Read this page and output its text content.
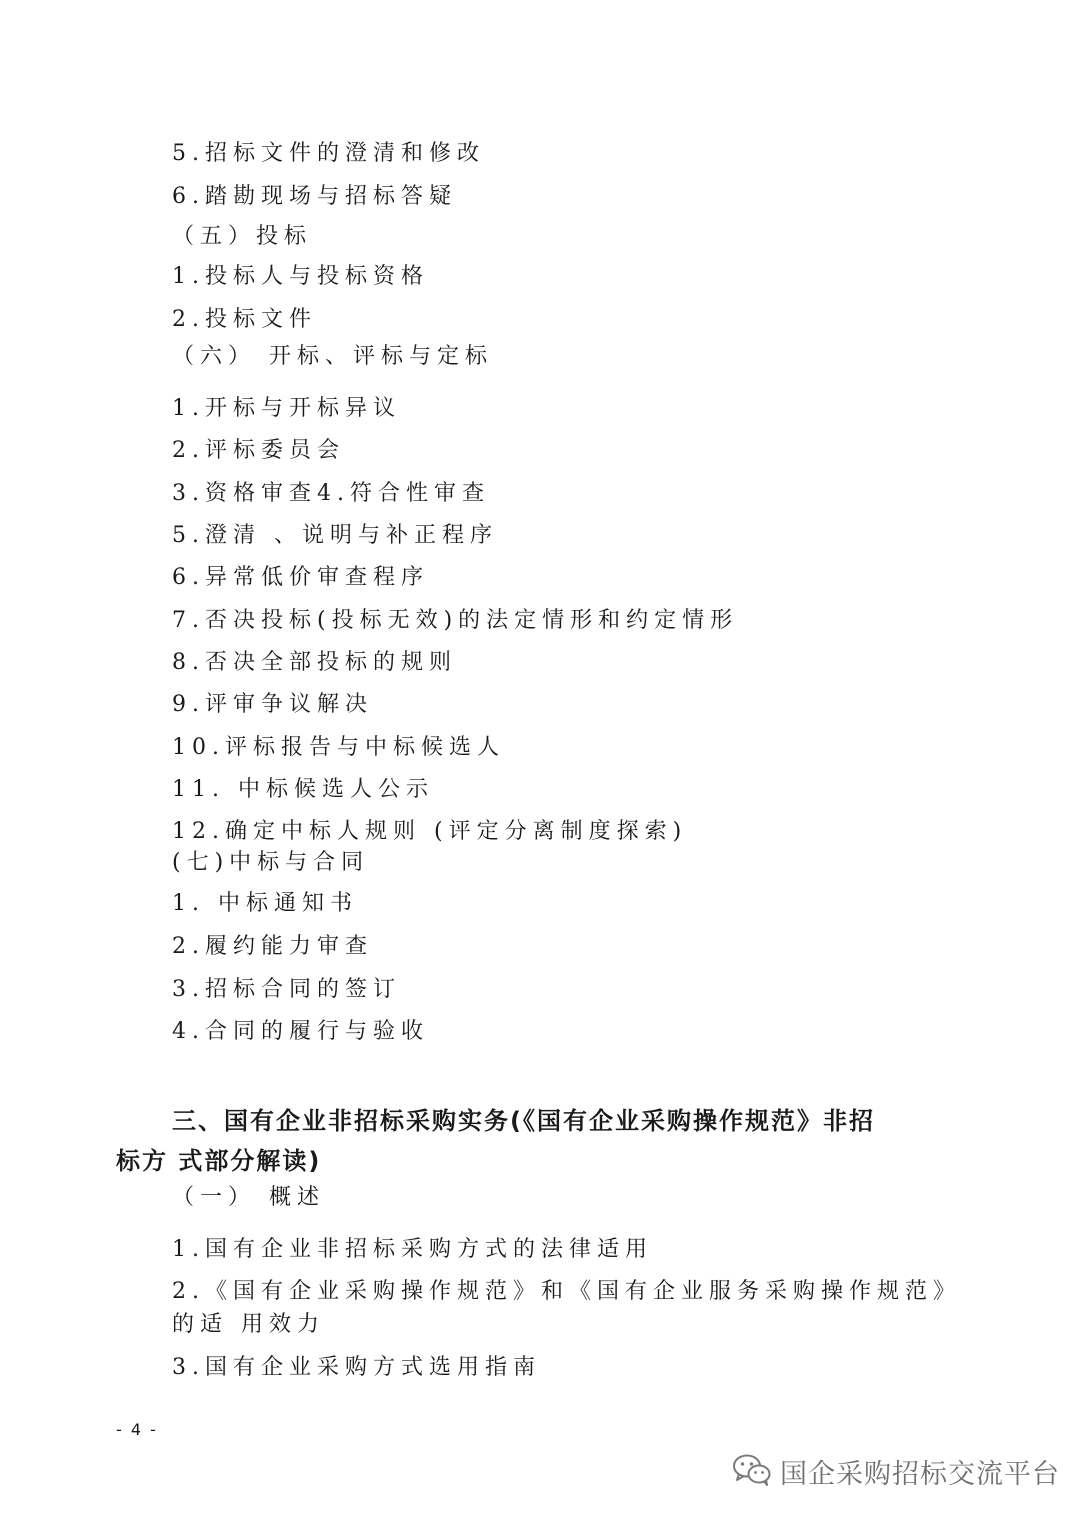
5.招标文件的澄清和修改
6.踏勘现场与招标答疑
（五）投标
1.投标人与投标资格
2.投标文件
（六） 开标、评标与定标
1.开标与开标异议
2.评标委员会
3.资格审查4.符合性审查
5.澄清 、说明与补正程序
6.异常低价审查程序
7.否决投标(投标无效)的法定情形和约定情形
8.否决全部投标的规则
9.评审争议解决
10.评标报告与中标候选人
11. 中标候选人公示
12.确定中标人规则 (评定分离制度探索)
(七)中标与合同
1. 中标通知书
2.履约能力审查
3.招标合同的签订
4.合同的履行与验收
三、国有企业非招标采购实务(《国有企业采购操作规范》非招
标方 式部分解读)
（一） 概述
1.国有企业非招标采购方式的法律适用
2.《国有企业采购操作规范》和《国有企业服务采购操作规范》
的适 用效力
3.国有企业采购方式选用指南
- 4 -
国企采购招标交流平台
